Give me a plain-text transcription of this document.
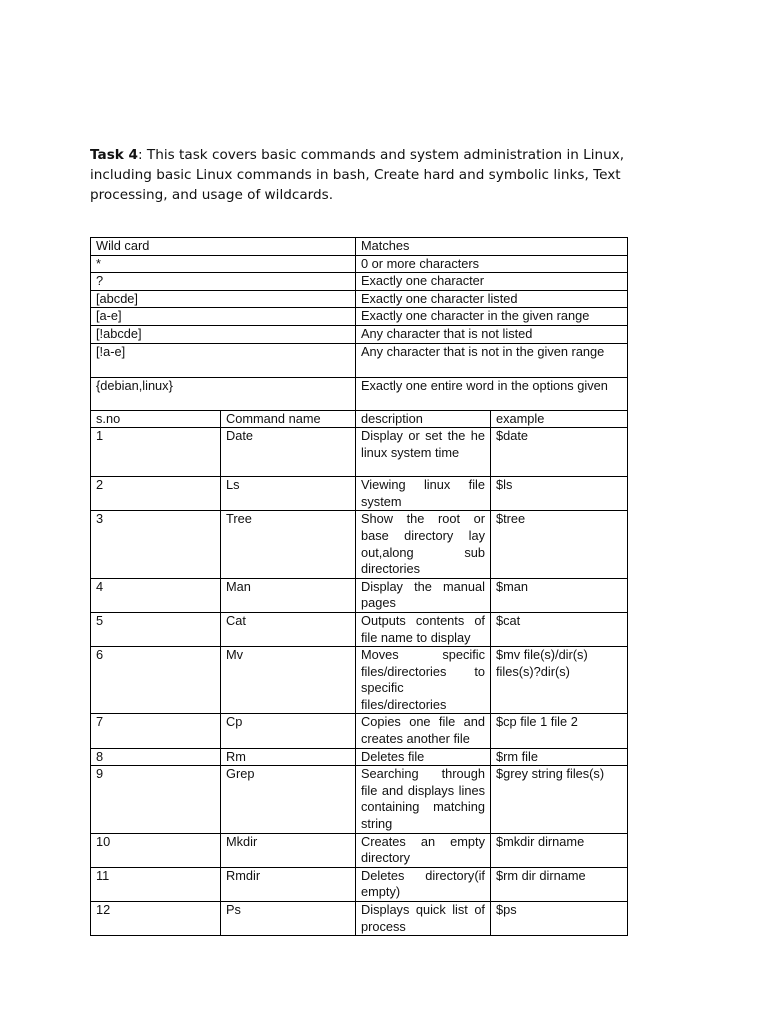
Task 4: This task covers basic commands and system administration in Linux, including basic Linux commands in bash, Create hard and symbolic links, Text processing, and usage of wildcards.
Wild card		Matches	
*		0 or more characters	
?		Exactly one character	
[abcde]		Exactly one character listed	
[a-e]		Exactly one character in the given range	
[!abcde]		Any character that is not listed	
[!a-e]		Any character that is not in the given range	
{debian,linux}		Exactly one entire word in the options given	
s.no	Command name	description	example
1	Date	Display or set the he linux system time	$date
2	Ls	Viewing linux file system	$ls
3	Tree	Show the root or base directory lay out,along sub directories	$tree
4	Man	Display the manual pages	$man
5	Cat	Outputs contents of file name to display	$cat
6	Mv	Moves specific files/directories to specific files/directories	$mv file(s)/dir(s) files(s)?dir(s)
7	Cp	Copies one file and creates another file	$cp file 1 file 2
8	Rm	Deletes file	$rm file
9	Grep	Searching through file and displays lines containing matching string	$grey string files(s)
10	Mkdir	Creates an empty directory	$mkdir dirname
11	Rmdir	Deletes directory(if empty)	$rm dir dirname
12	Ps	Displays quick list of process	$ps
